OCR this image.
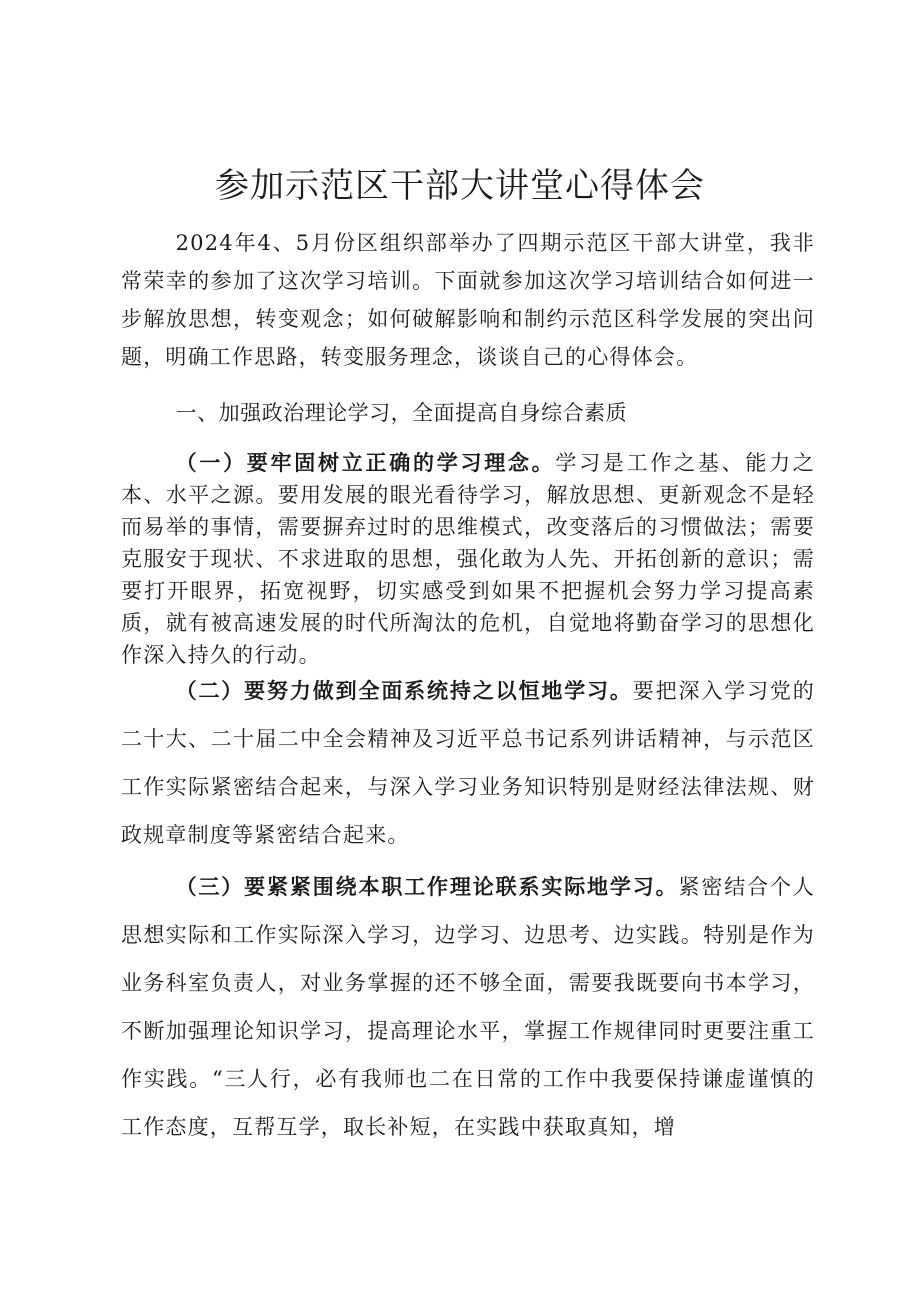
参加示范区干部大讲堂心得体会

2024年4、5月份区组织部举办了四期示范区干部大讲堂，我非常荣幸的参加了这次学习培训。下面就参加这次学习培训结合如何进一步解放思想，转变观念；如何破解影响和制约示范区科学发展的突出问题，明确工作思路，转变服务理念，谈谈自己的心得体会。

一、加强政治理论学习，全面提高自身综合素质

（一）要牢固树立正确的学习理念。学习是工作之基、能力之本、水平之源。要用发展的眼光看待学习，解放思想、更新观念不是轻而易举的事情，需要摒弃过时的思维模式，改变落后的习惯做法；需要克服安于现状、不求进取的思想，强化敢为人先、开拓创新的意识；需要打开眼界，拓宽视野，切实感受到如果不把握机会努力学习提高素质，就有被高速发展的时代所淘汰的危机，自觉地将勤奋学习的思想化作深入持久的行动。

（二）要努力做到全面系统持之以恒地学习。要把深入学习党的二十大、二十届二中全会精神及习近平总书记系列讲话精神，与示范区工作实际紧密结合起来，与深入学习业务知识特别是财经法律法规、财政规章制度等紧密结合起来。

（三）要紧紧围绕本职工作理论联系实际地学习。紧密结合个人思想实际和工作实际深入学习，边学习、边思考、边实践。特别是作为业务科室负责人，对业务掌握的还不够全面，需要我既要向书本学习，不断加强理论知识学习，提高理论水平，掌握工作规律同时更要注重工作实践。“三人行，必有我师也二在日常的工作中我要保持谦虚谨慎的工作态度，互帮互学，取长补短，在实践中获取真知，增
